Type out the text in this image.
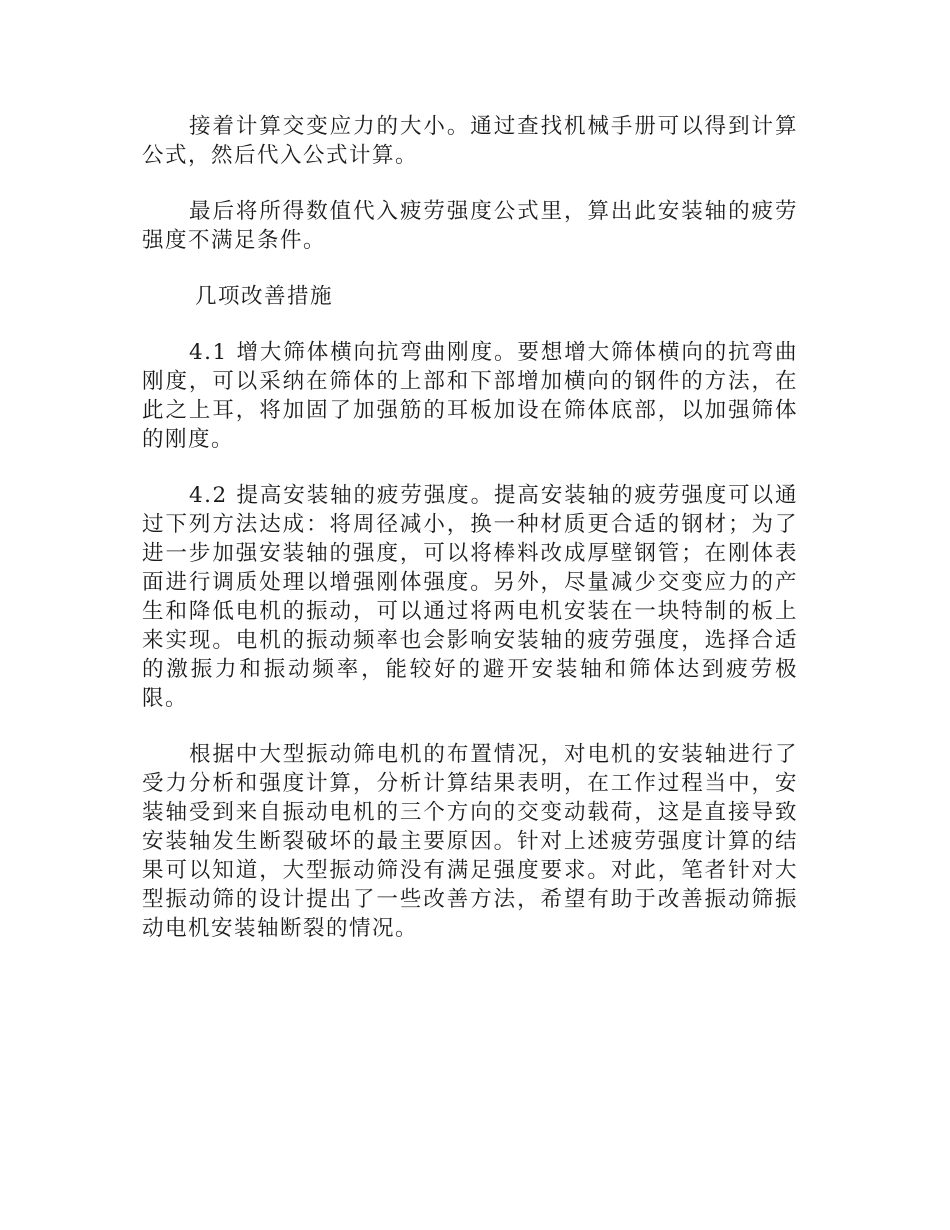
接着计算交变应力的大小。通过查找机械手册可以得到计算公式，然后代入公式计算。

最后将所得数值代入疲劳强度公式里，算出此安装轴的疲劳强度不满足条件。

几项改善措施

4.1 增大筛体横向抗弯曲刚度。要想增大筛体横向的抗弯曲刚度，可以采纳在筛体的上部和下部增加横向的钢件的方法，在此之上耳，将加固了加强筋的耳板加设在筛体底部，以加强筛体的刚度。

4.2 提高安装轴的疲劳强度。提高安装轴的疲劳强度可以通过下列方法达成：将周径减小，换一种材质更合适的钢材；为了进一步加强安装轴的强度，可以将棒料改成厚壁钢管；在刚体表面进行调质处理以增强刚体强度。另外，尽量减少交变应力的产生和降低电机的振动，可以通过将两电机安装在一块特制的板上来实现。电机的振动频率也会影响安装轴的疲劳强度，选择合适的激振力和振动频率，能较好的避开安装轴和筛体达到疲劳极限。

根据中大型振动筛电机的布置情况，对电机的安装轴进行了受力分析和强度计算，分析计算结果表明，在工作过程当中，安装轴受到来自振动电机的三个方向的交变动载荷，这是直接导致安装轴发生断裂破坏的最主要原因。针对上述疲劳强度计算的结果可以知道，大型振动筛没有满足强度要求。对此，笔者针对大型振动筛的设计提出了一些改善方法，希望有助于改善振动筛振动电机安装轴断裂的情况。
